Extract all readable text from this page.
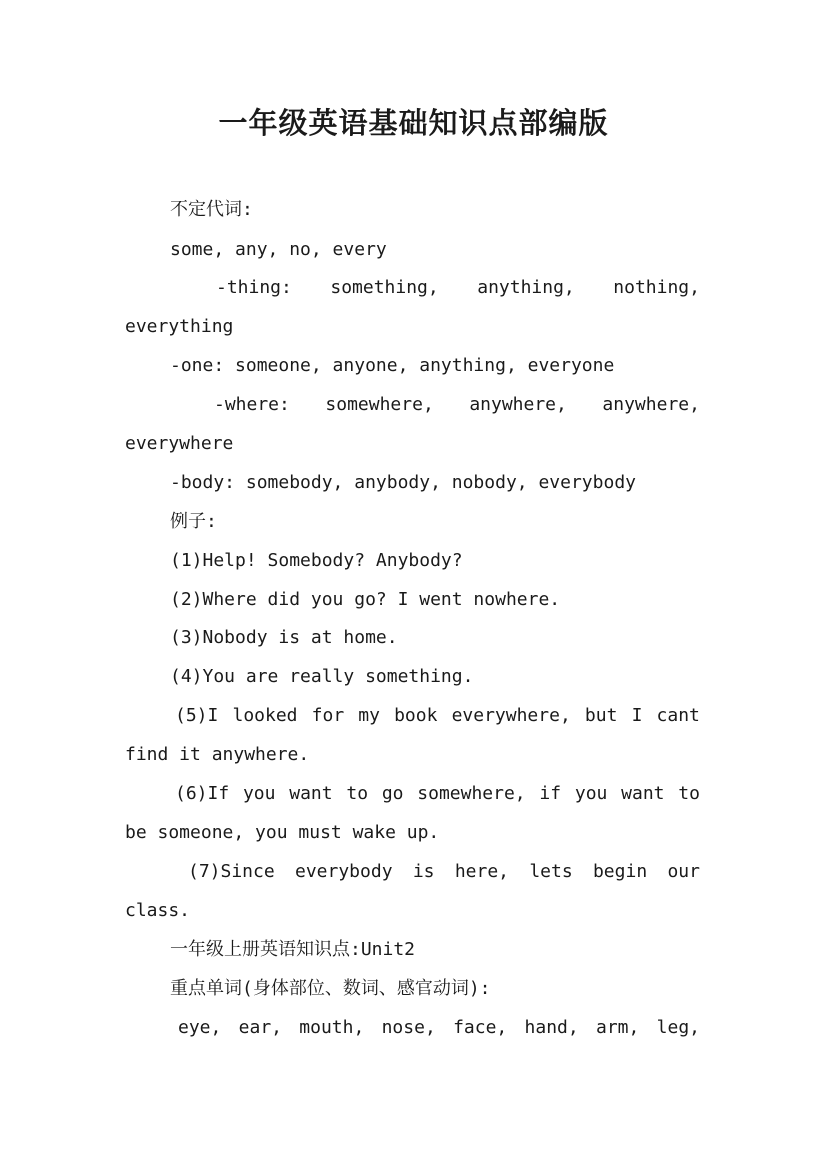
一年级英语基础知识点部编版
不定代词:
some, any, no, every
-thing: something, anything, nothing,
everything
-one: someone, anyone, anything, everyone
-where: somewhere, anywhere, anywhere,
everywhere
-body: somebody, anybody, nobody, everybody
例子:
(1)Help! Somebody? Anybody?
(2)Where did you go? I went nowhere.
(3)Nobody is at home.
(4)You are really something.
(5)I looked for my book everywhere, but I cant
find it anywhere.
(6)If you want to go somewhere, if you want to
be someone, you must wake up.
(7)Since everybody is here, lets begin our
class.
一年级上册英语知识点:Unit2
重点单词(身体部位、数词、感官动词):
eye, ear, mouth, nose, face, hand, arm, leg,
